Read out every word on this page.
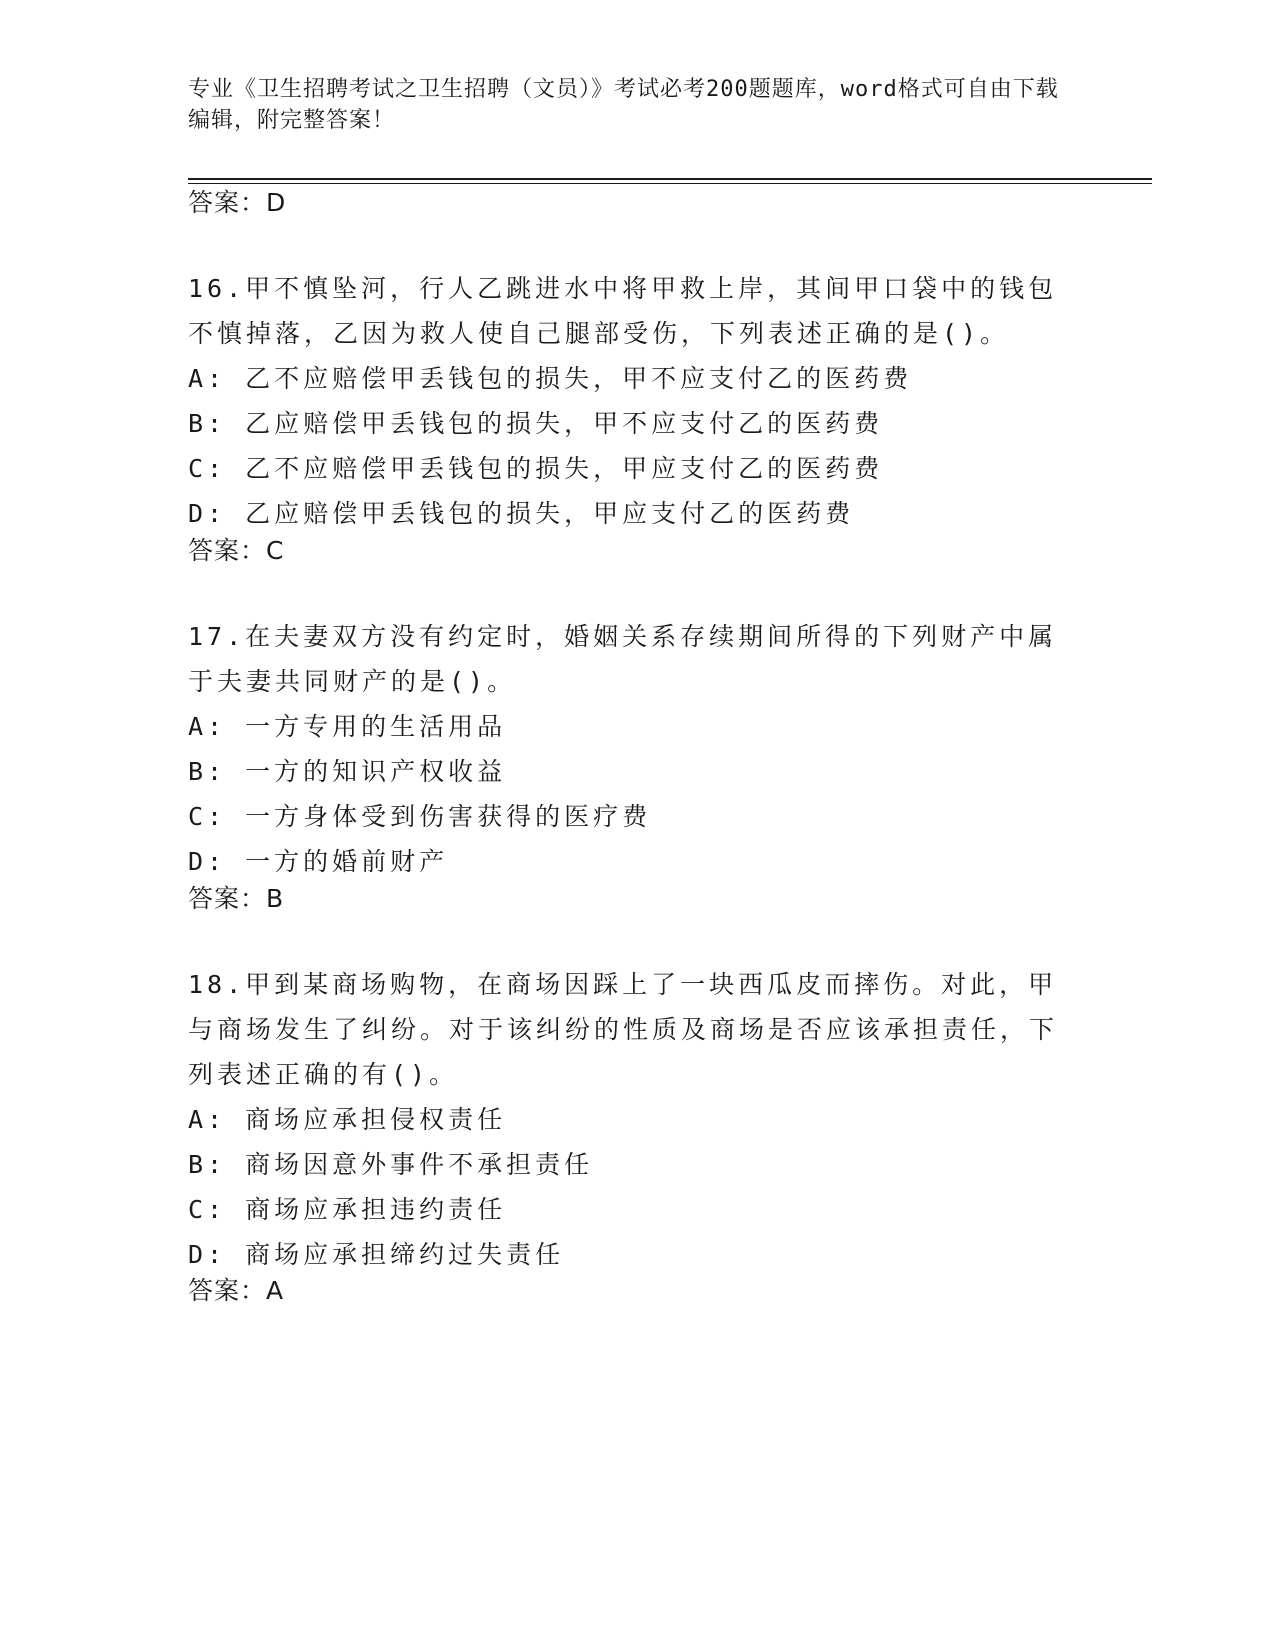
专业《卫生招聘考试之卫生招聘（文员）》考试必考200题题库，word格式可自由下载编辑，附完整答案！
答案：D

16.甲不慎坠河，行人乙跳进水中将甲救上岸，其间甲口袋中的钱包不慎掉落，乙因为救人使自己腿部受伤，下列表述正确的是()。

A: 乙不应赔偿甲丢钱包的损失，甲不应支付乙的医药费
B: 乙应赔偿甲丢钱包的损失，甲不应支付乙的医药费
C: 乙不应赔偿甲丢钱包的损失，甲应支付乙的医药费
D: 乙应赔偿甲丢钱包的损失，甲应支付乙的医药费
答案：C

17.在夫妻双方没有约定时，婚姻关系存续期间所得的下列财产中属于夫妻共同财产的是()。

A: 一方专用的生活用品
B: 一方的知识产权收益
C: 一方身体受到伤害获得的医疗费
D: 一方的婚前财产
答案：B

18.甲到某商场购物，在商场因踩上了一块西瓜皮而摔伤。对此，甲与商场发生了纠纷。对于该纠纷的性质及商场是否应该承担责任，下列表述正确的有()。

A: 商场应承担侵权责任
B: 商场因意外事件不承担责任
C: 商场应承担违约责任
D: 商场应承担缔约过失责任
答案：A
